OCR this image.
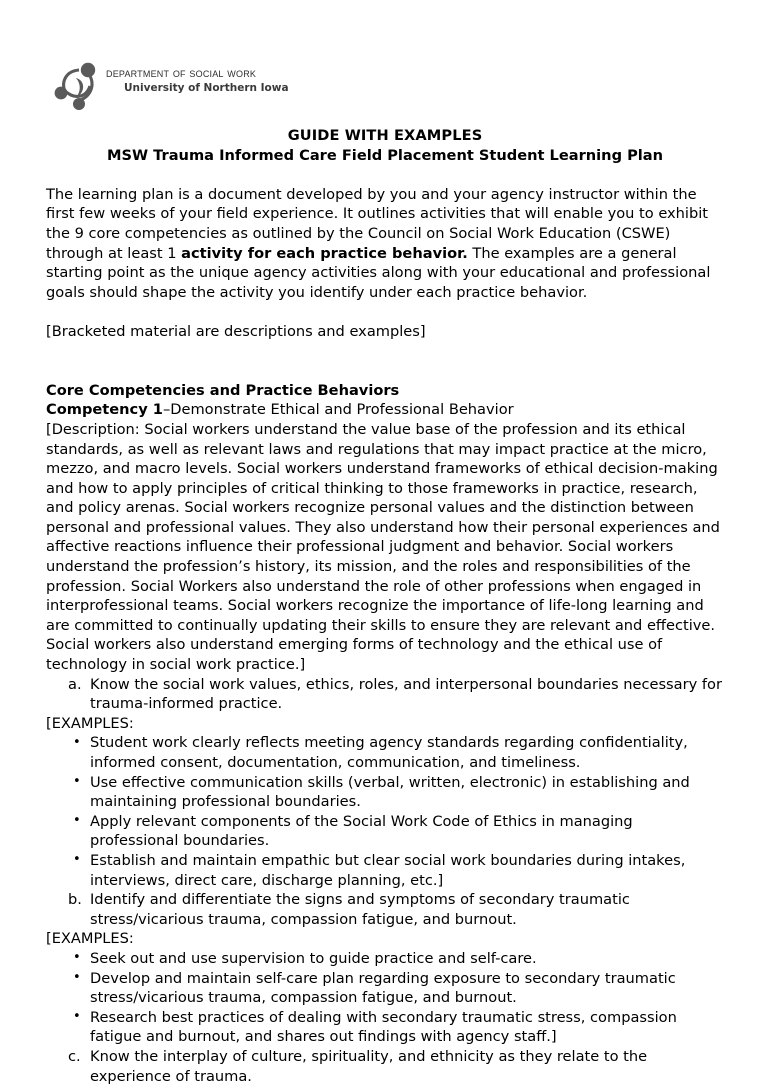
department of social work
University of Northern Iowa
GUIDE WITH EXAMPLES
MSW Trauma Informed Care Field Placement Student Learning Plan
The learning plan is a document developed by you and your agency instructor within the first few weeks of your field experience. It outlines activities that will enable you to exhibit the 9 core competencies as outlined by the Council on Social Work Education (CSWE) through at least 1 activity for each practice behavior. The examples are a general starting point as the unique agency activities along with your educational and professional goals should shape the activity you identify under each practice behavior.
[Bracketed material are descriptions and examples]
Core Competencies and Practice Behaviors
Competency 1–Demonstrate Ethical and Professional Behavior
[Description: Social workers understand the value base of the profession and its ethical standards, as well as relevant laws and regulations that may impact practice at the micro, mezzo, and macro levels. Social workers understand frameworks of ethical decision-making and how to apply principles of critical thinking to those frameworks in practice, research, and policy arenas. Social workers recognize personal values and the distinction between personal and professional values. They also understand how their personal experiences and affective reactions influence their professional judgment and behavior. Social workers understand the profession’s history, its mission, and the roles and responsibilities of the profession. Social Workers also understand the role of other professions when engaged in interprofessional teams. Social workers recognize the importance of life-long learning and are committed to continually updating their skills to ensure they are relevant and effective. Social workers also understand emerging forms of technology and the ethical use of technology in social work practice.]
a. Know the social work values, ethics, roles, and interpersonal boundaries necessary for trauma-informed practice.
[EXAMPLES:
• Student work clearly reflects meeting agency standards regarding confidentiality, informed consent, documentation, communication, and timeliness.
• Use effective communication skills (verbal, written, electronic) in establishing and maintaining professional boundaries.
• Apply relevant components of the Social Work Code of Ethics in managing professional boundaries.
• Establish and maintain empathic but clear social work boundaries during intakes, interviews, direct care, discharge planning, etc.]
b. Identify and differentiate the signs and symptoms of secondary traumatic stress/vicarious trauma, compassion fatigue, and burnout.
[EXAMPLES:
• Seek out and use supervision to guide practice and self-care.
• Develop and maintain self-care plan regarding exposure to secondary traumatic stress/vicarious trauma, compassion fatigue, and burnout.
• Research best practices of dealing with secondary traumatic stress, compassion fatigue and burnout, and shares out findings with agency staff.]
c. Know the interplay of culture, spirituality, and ethnicity as they relate to the experience of trauma.
